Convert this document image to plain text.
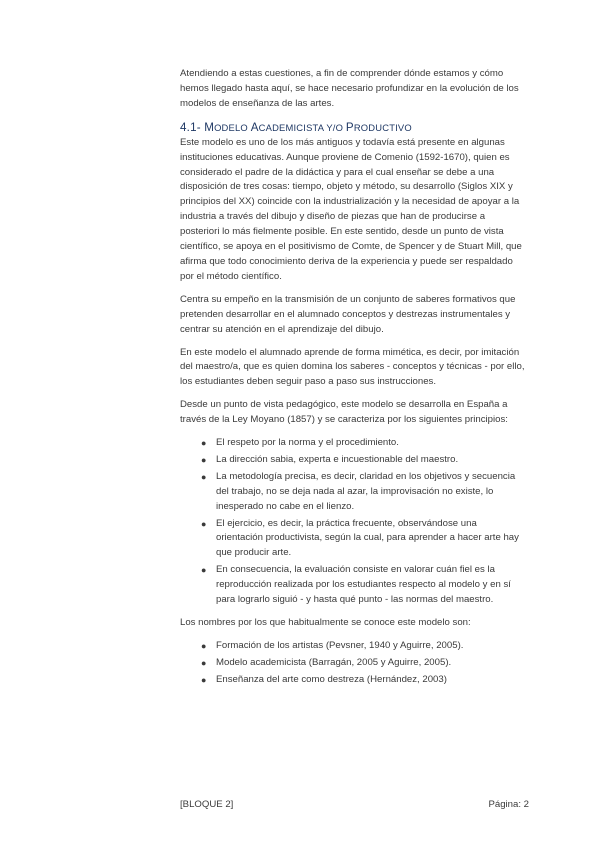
Atendiendo a estas cuestiones, a fin de comprender dónde estamos y cómo hemos llegado hasta aquí, se hace necesario profundizar en la evolución de los modelos de enseñanza de las artes.

4.1- MODELO ACADEMICISTA Y/O PRODUCTIVO

Este modelo es uno de los más antiguos y todavía está presente en algunas instituciones educativas. Aunque proviene de Comenio (1592-1670), quien es considerado el padre de la didáctica y para el cual enseñar se debe a una disposición de tres cosas: tiempo, objeto y método, su desarrollo (Siglos XIX y principios del XX) coincide con la industrialización y la necesidad de apoyar a la industria a través del dibujo y diseño de piezas que han de producirse a posteriori lo más fielmente posible. En este sentido, desde un punto de vista científico, se apoya en el positivismo de Comte, de Spencer y de Stuart Mill, que afirma que todo conocimiento deriva de la experiencia y puede ser respaldado por el método científico.

Centra su empeño en la transmisión de un conjunto de saberes formativos que pretenden desarrollar en el alumnado conceptos y destrezas instrumentales y centrar su atención en el aprendizaje del dibujo.

En este modelo el alumnado aprende de forma mimética, es decir, por imitación del maestro/a, que es quien domina los saberes - conceptos y técnicas - por ello, los estudiantes deben seguir paso a paso sus instrucciones.

Desde un punto de vista pedagógico, este modelo se desarrolla en España a través de la Ley Moyano (1857) y se caracteriza por los siguientes principios:

● El respeto por la norma y el procedimiento.
● La dirección sabia, experta e incuestionable del maestro.
● La metodología precisa, es decir, claridad en los objetivos y secuencia del trabajo, no se deja nada al azar, la improvisación no existe, lo inesperado no cabe en el lienzo.
● El ejercicio, es decir, la práctica frecuente, observándose una orientación productivista, según la cual, para aprender a hacer arte hay que producir arte.
● En consecuencia, la evaluación consiste en valorar cuán fiel es la reproducción realizada por los estudiantes respecto al modelo y en sí para lograrlo siguió - y hasta qué punto - las normas del maestro.

Los nombres por los que habitualmente se conoce este modelo son:

● Formación de los artistas (Pevsner, 1940 y Aguirre, 2005).
● Modelo academicista (Barragán, 2005 y Aguirre, 2005).
● Enseñanza del arte como destreza (Hernández, 2003)
[BLOQUE 2]	Página: 2
